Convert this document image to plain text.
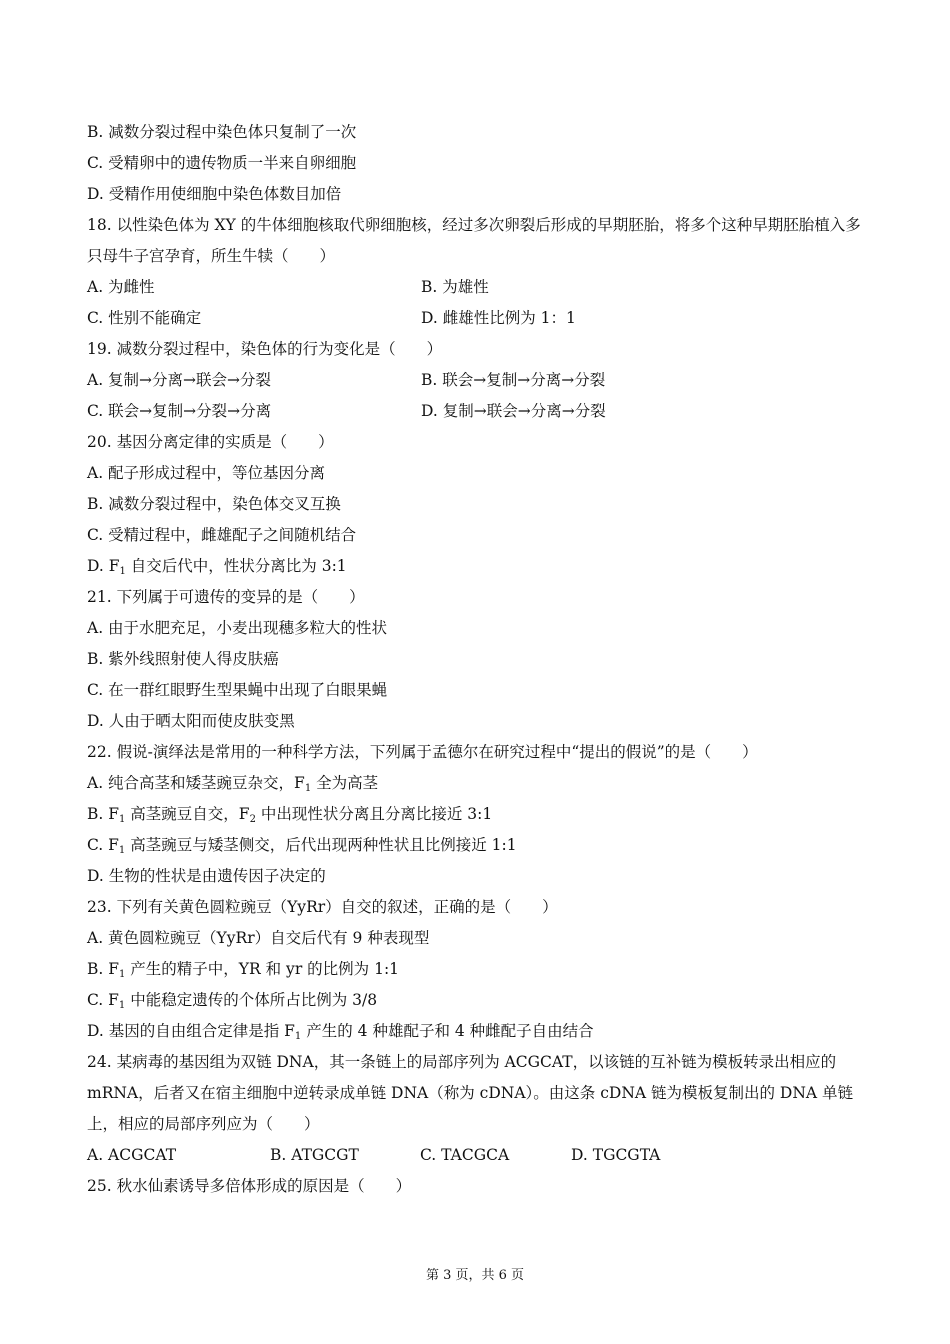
B. 减数分裂过程中染色体只复制了一次
C. 受精卵中的遗传物质一半来自卵细胞
D. 受精作用使细胞中染色体数目加倍
18. 以性染色体为 XY 的牛体细胞核取代卵细胞核，经过多次卵裂后形成的早期胚胎，将多个这种早期胚胎植入多只母牛子宫孕育，所生牛犊（　　）
A. 为雌性	B. 为雄性
C. 性别不能确定	D. 雌雄性比例为 1：1
19. 减数分裂过程中，染色体的行为变化是（　　）
A. 复制→分离→联会→分裂	B. 联会→复制→分离→分裂
C. 联会→复制→分裂→分离	D. 复制→联会→分离→分裂
20. 基因分离定律的实质是（　　）
A. 配子形成过程中，等位基因分离
B. 减数分裂过程中，染色体交叉互换
C. 受精过程中，雌雄配子之间随机结合
D. $F_1$ 自交后代中，性状分离比为 3:1
21. 下列属于可遗传的变异的是（　　）
A. 由于水肥充足，小麦出现穗多粒大的性状
B. 紫外线照射使人得皮肤癌
C. 在一群红眼野生型果蝇中出现了白眼果蝇
D. 人由于晒太阳而使皮肤变黑
22. 假说-演绎法是常用的一种科学方法，下列属于孟德尔在研究过程中“提出的假说”的是（　　）
A. 纯合高茎和矮茎豌豆杂交，$F_1$ 全为高茎
B. $F_1$ 高茎豌豆自交，$F_2$ 中出现性状分离且分离比接近 3:1
C. $F_1$ 高茎豌豆与矮茎侧交，后代出现两种性状且比例接近 1:1
D. 生物的性状是由遗传因子决定的
23. 下列有关黄色圆粒豌豆（YyRr）自交的叙述，正确的是（　　）
A. 黄色圆粒豌豆（YyRr）自交后代有 9 种表现型
B. $F_1$ 产生的精子中，YR 和 yr 的比例为 1:1
C. $F_1$ 中能稳定遗传的个体所占比例为 3/8
D. 基因的自由组合定律是指 $F_1$ 产生的 4 种雄配子和 4 种雌配子自由结合
24. 某病毒的基因组为双链 DNA，其一条链上的局部序列为 ACGCAT，以该链的互补链为模板转录出相应的 mRNA，后者又在宿主细胞中逆转录成单链 DNA（称为 cDNA）。由这条 cDNA 链为模板复制出的 DNA 单链上，相应的局部序列应为（　　）
A. ACGCAT	B. ATGCGT	C. TACGCA	D. TGCGTA
25. 秋水仙素诱导多倍体形成的原因是（　　）
第 3 页，共 6 页
